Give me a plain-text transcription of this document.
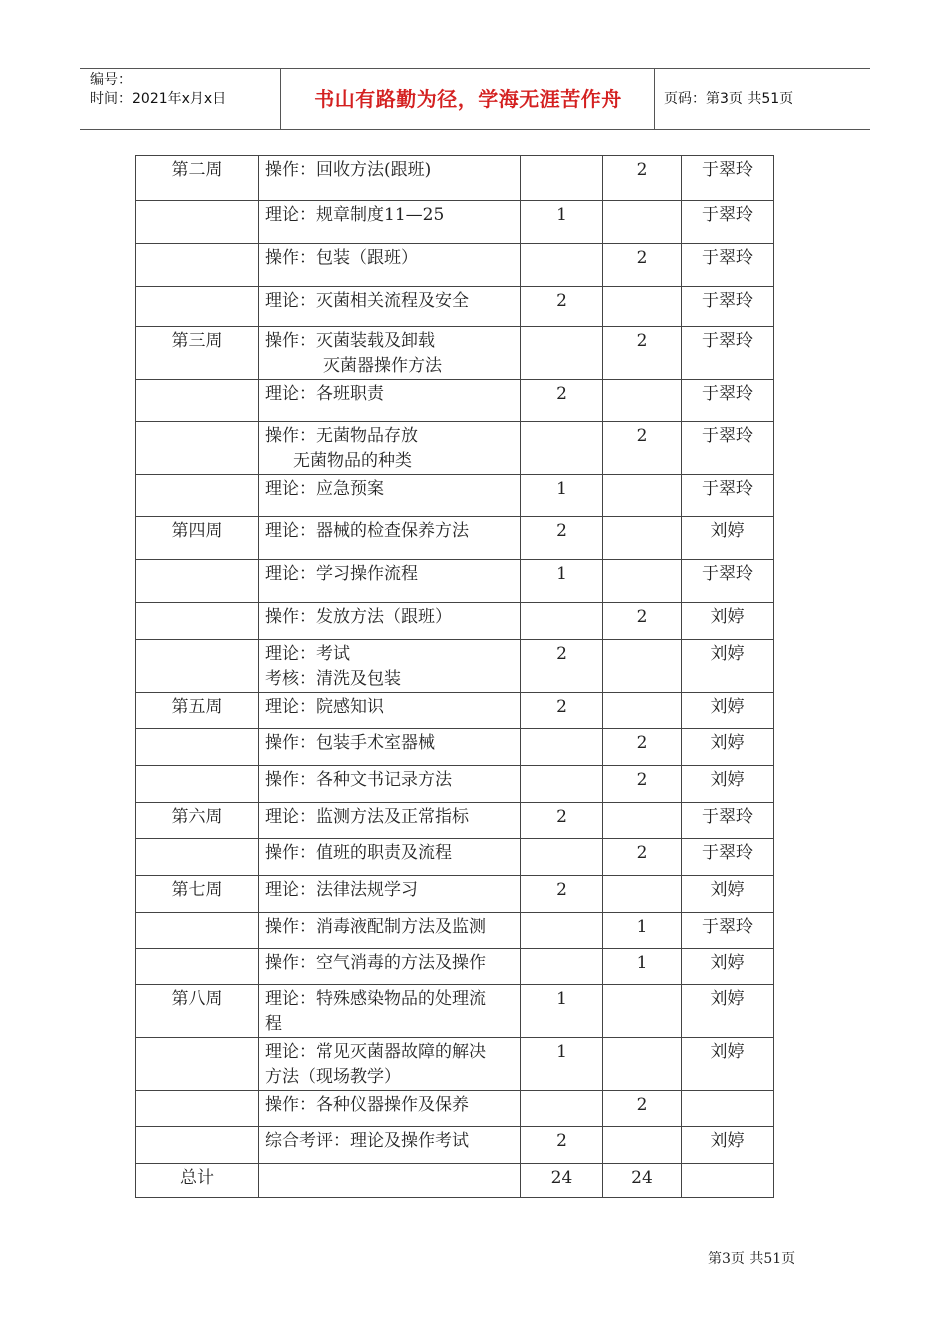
编号：
时间：2021年x月x日	书山有路勤为径，学海无涯苦作舟	页码：第3页 共51页
第二周	操作：回收方法(跟班)		2	于翠玲

	理论：规章制度11—25	1		于翠玲

	操作：包装（跟班）		2	于翠玲

	理论：灭菌相关流程及安全	2		于翠玲
第三周	操作：灭菌装载及卸载
灭菌器操作方法		2	于翠玲

	理论：各班职责	2		于翠玲

	操作：无菌物品存放
无菌物品的种类		2	于翠玲

	理论：应急预案	1		于翠玲
第四周	理论：器械的检查保养方法	2		刘婷

	理论：学习操作流程	1		于翠玲

	操作：发放方法（跟班）		2	刘婷

	理论：考试
考核：清洗及包装	2		刘婷
第五周	理论：院感知识	2		刘婷

	操作：包装手术室器械		2	刘婷

	操作：各种文书记录方法		2	刘婷
第六周	理论：监测方法及正常指标	2		于翠玲

	操作：值班的职责及流程		2	于翠玲
第七周	理论：法律法规学习	2		刘婷

	操作：消毒液配制方法及监测		1	于翠玲

	操作：空气消毒的方法及操作		1	刘婷
第八周	理论：特殊感染物品的处理流
程	1		刘婷

	理论：常见灭菌器故障的解决
方法（现场教学）	1		刘婷

	操作：各种仪器操作及保养		2	

	综合考评：理论及操作考试	2		刘婷
总计		24	24	
第3页 共51页
